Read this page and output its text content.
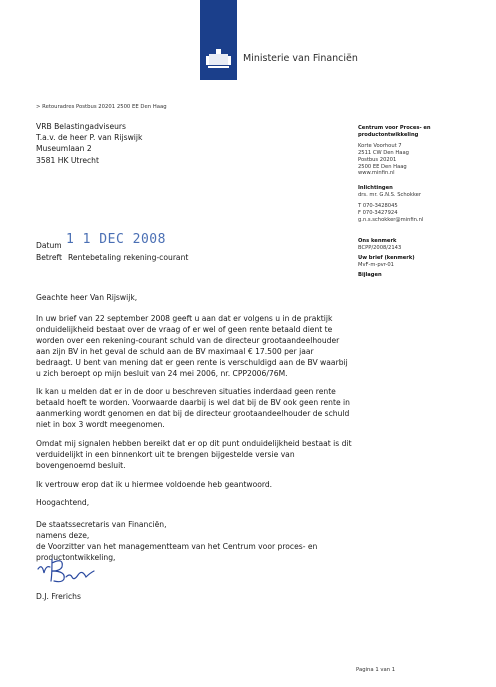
Ministerie van Financiën
> Retouradres Postbus 20201 2500 EE Den Haag
VRB Belastingadviseurs
T.a.v. de heer P. van Rijswijk
Museumlaan 2
3581 HK Utrecht
Centrum voor Proces- en
productontwikkeling
Korte Voorhout 7
2511 CW Den Haag
Postbus 20201
2500 EE Den Haag
www.minfin.nl
Inlichtingen
drs. mr. G.N.S. Schokker
T 070-3428045
F 070-3427924
g.n.s.schokker@minfin.nl
Ons kenmerk
BCPP/2008/2143
Uw brief (kenmerk)
MvF-m-pvr-01
Bijlagen
Datum 1 1 DEC 2008
Betreft Rentebetaling rekening-courant
Geachte heer Van Rijswijk,

In uw brief van 22 september 2008 geeft u aan dat er volgens u in de praktijk

onduidelijkheid bestaat over de vraag of er wel of geen rente betaald dient te

worden over een rekening-courant schuld van de directeur grootaandeelhouder

aan zijn BV in het geval de schuld aan de BV maximaal € 17.500 per jaar

bedraagt. U bent van mening dat er geen rente is verschuldigd aan de BV waarbij

u zich beroept op mijn besluit van 24 mei 2006, nr. CPP2006/76M.

Ik kan u melden dat er in de door u beschreven situaties inderdaad geen rente

betaald hoeft te worden. Voorwaarde daarbij is wel dat bij de BV ook geen rente in

aanmerking wordt genomen en dat bij de directeur grootaandeelhouder de schuld

niet in box 3 wordt meegenomen.

Omdat mij signalen hebben bereikt dat er op dit punt onduidelijkheid bestaat is dit

verduidelijkt in een binnenkort uit te brengen bijgestelde versie van

bovengenoemd besluit.

Ik vertrouw erop dat ik u hiermee voldoende heb geantwoord.
Hoogachtend,

De staatssecretaris van Financiën,

namens deze,

de Voorzitter van het managementteam van het Centrum voor proces- en

productontwikkeling,

D.J. Frerichs
Pagina 1 van 1
